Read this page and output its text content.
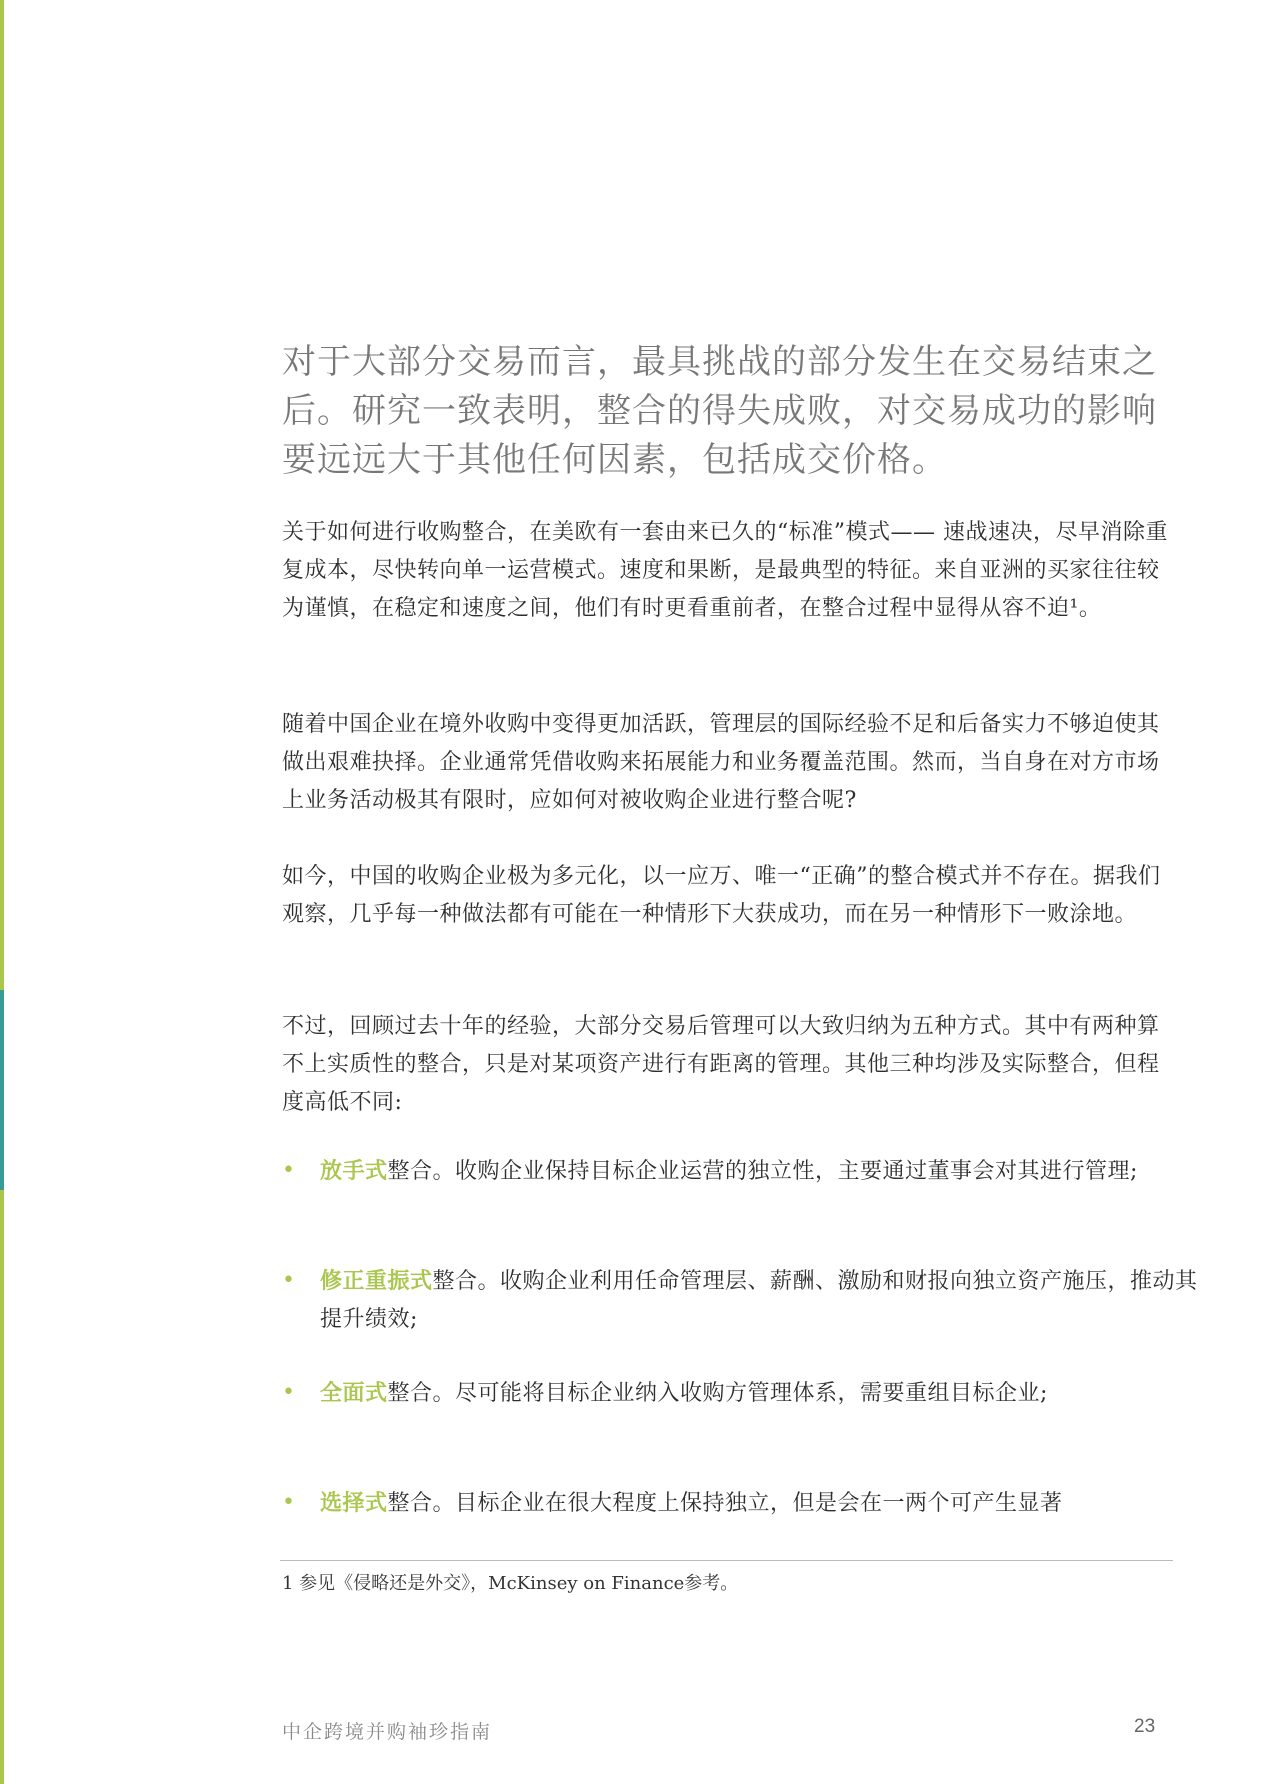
对于大部分交易而言，最具挑战的部分发生在交易结束之后。研究一致表明，整合的得失成败，对交易成功的影响要远远大于其他任何因素，包括成交价格。
关于如何进行收购整合，在美欧有一套由来已久的“标准”模式—— 速战速决，尽早消除重复成本，尽快转向单一运营模式。速度和果断，是最典型的特征。来自亚洲的买家往往较为谨慎，在稳定和速度之间，他们有时更看重前者，在整合过程中显得从容不迫¹。
随着中国企业在境外收购中变得更加活跃，管理层的国际经验不足和后备实力不够迫使其做出艰难抉择。企业通常凭借收购来拓展能力和业务覆盖范围。然而，当自身在对方市场上业务活动极其有限时，应如何对被收购企业进行整合呢?
如今，中国的收购企业极为多元化，以一应万、唯一“正确”的整合模式并不存在。据我们观察，几乎每一种做法都有可能在一种情形下大获成功，而在另一种情形下一败涂地。
不过，回顾过去十年的经验，大部分交易后管理可以大致归纳为五种方式。其中有两种算不上实质性的整合，只是对某项资产进行有距离的管理。其他三种均涉及实际整合，但程度高低不同:
• 放手式整合。收购企业保持目标企业运营的独立性，主要通过董事会对其进行管理;
• 修正重振式整合。收购企业利用任命管理层、薪酬、激励和财报向独立资产施压，推动其提升绩效;
• 全面式整合。尽可能将目标企业纳入收购方管理体系，需要重组目标企业;
• 选择式整合。目标企业在很大程度上保持独立，但是会在一两个可产生显著
1 参见《侵略还是外交》，McKinsey on Finance参考。
中企跨境并购袖珍指南	23
